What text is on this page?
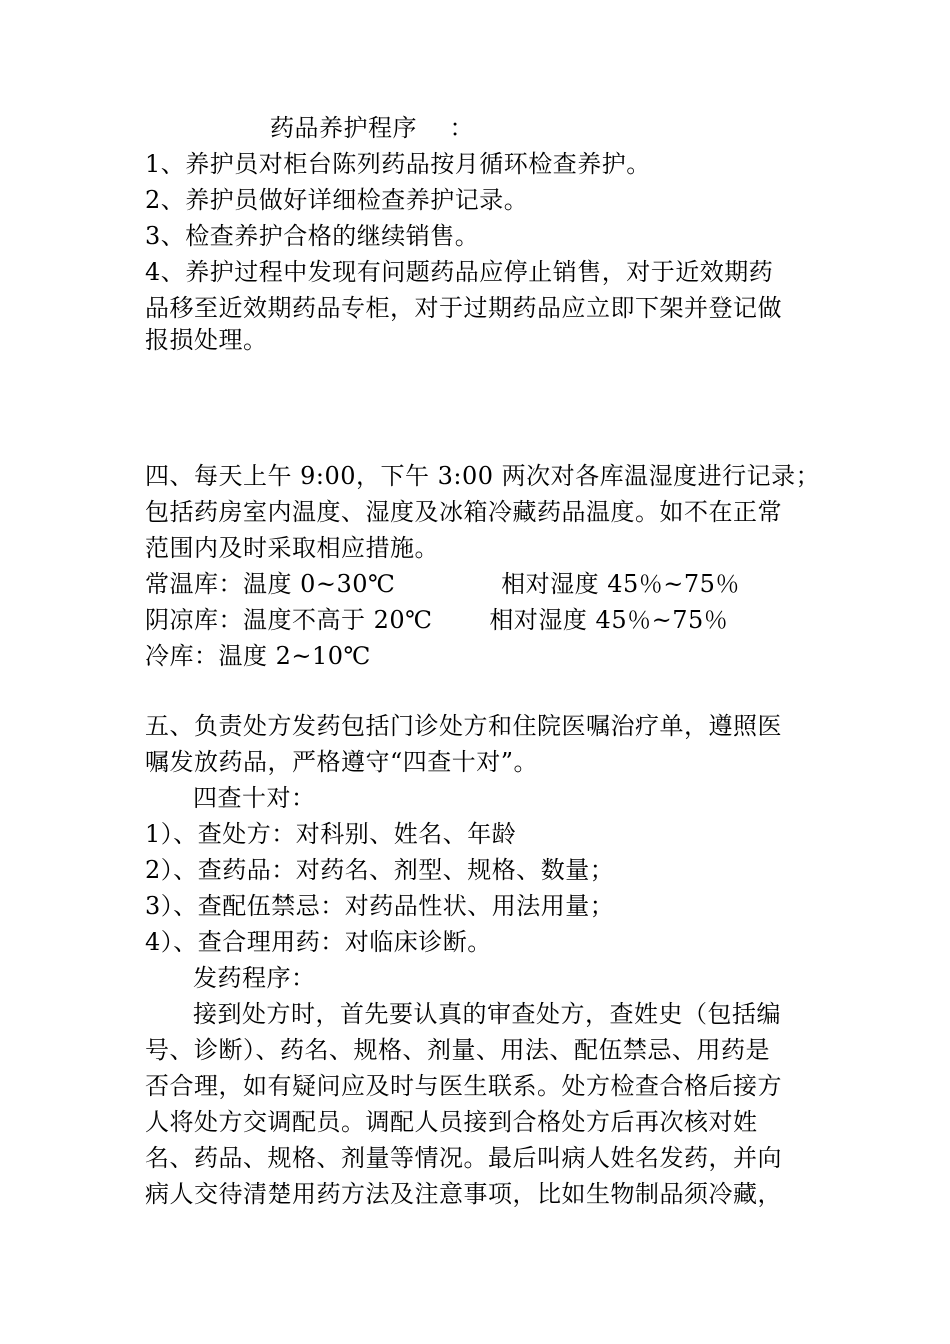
药品养护程序    ：
1、养护员对柜台陈列药品按月循环检查养护。
2、养护员做好详细检查养护记录。
3、检查养护合格的继续销售。
4、养护过程中发现有问题药品应停止销售，对于近效期药
品移至近效期药品专柜，对于过期药品应立即下架并登记做
报损处理。
四、每天上午 9:00，下午 3:00 两次对各库温湿度进行记录；
包括药房室内温度、湿度及冰箱冷藏药品温度。如不在正常
范围内及时采取相应措施。
常温库：温度 0~30℃             相对湿度 45％~75％
阴凉库：温度不高于 20℃       相对湿度 45％~75％
冷库：温度 2~10℃
五、负责处方发药包括门诊处方和住院医嘱治疗单，遵照医
嘱发放药品，严格遵守“四查十对”。
四查十对：
1）、查处方：对科别、姓名、年龄
2）、查药品：对药名、剂型、规格、数量；
3）、查配伍禁忌：对药品性状、用法用量；
4）、查合理用药：对临床诊断。
发药程序：
接到处方时，首先要认真的审查处方，查姓史（包括编
号、诊断）、药名、规格、剂量、用法、配伍禁忌、用药是
否合理，如有疑问应及时与医生联系。处方检查合格后接方
人将处方交调配员。调配人员接到合格处方后再次核对姓
名、药品、规格、剂量等情况。最后叫病人姓名发药，并向
病人交待清楚用药方法及注意事项，比如生物制品须冷藏，
